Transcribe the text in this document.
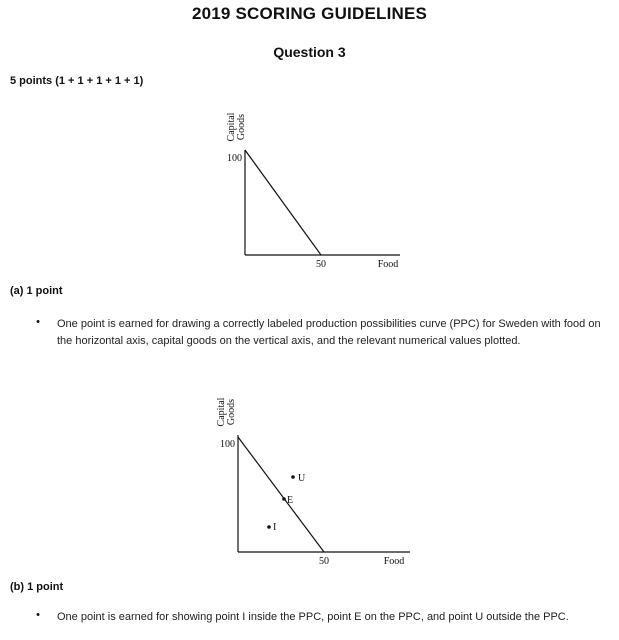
2019 SCORING GUIDELINES
Question 3
5 points (1 + 1 + 1 + 1 + 1)
Capital Goods
100
50	Food
(a) 1 point
• One point is earned for drawing a correctly labeled production possibilities curve (PPC) for Sweden with food on the horizontal axis, capital goods on the vertical axis, and the relevant numerical values plotted.
Capital Goods
100
50	Food
U
E
I
(b) 1 point
• One point is earned for showing point I inside the PPC, point E on the PPC, and point U outside the PPC.
